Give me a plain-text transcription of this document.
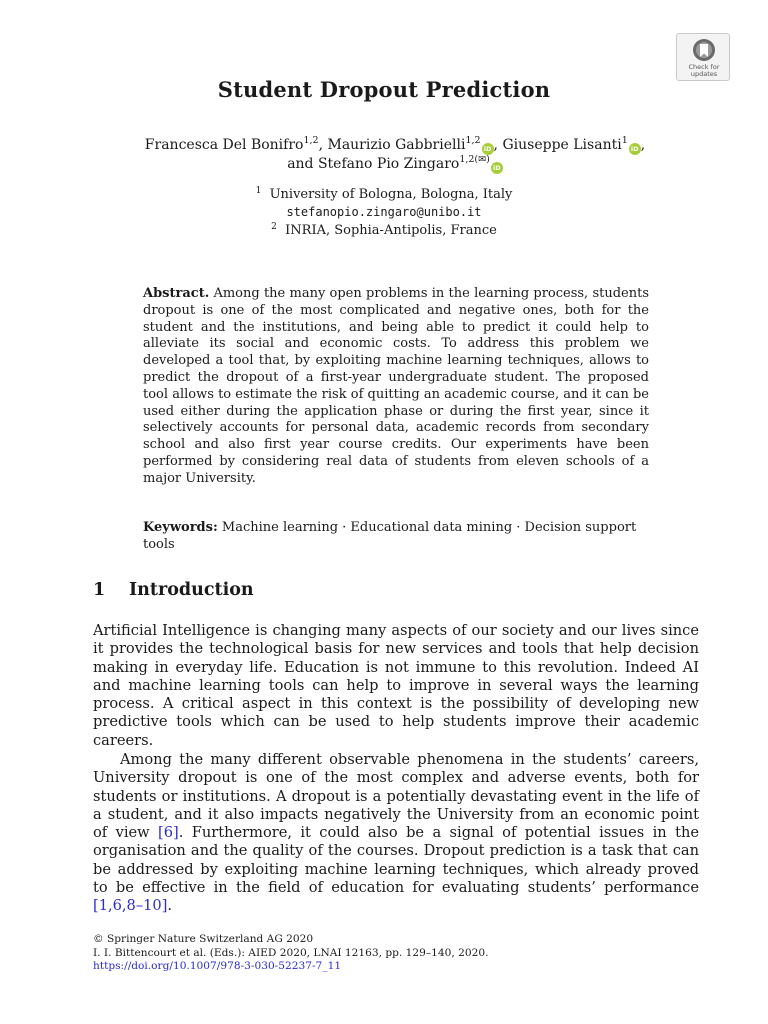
Check for
updates
Student Dropout Prediction
Francesca Del Bonifro$^{1,2}$, Maurizio Gabbrielli$^{1,2}$iD , Giuseppe Lisanti$^1$iD ,
and Stefano Pio Zingaro$^{1,2(✉)}$iD
$^1$ University of Bologna, Bologna, Italy
stefanopio.zingaro@unibo.it
$^2$ INRIA, Sophia-Antipolis, France

Abstract. Among the many open problems in the learning process, students dropout is one of the most complicated and negative ones, both for the student and the institutions, and being able to predict it could help to alleviate its social and economic costs. To address this problem we developed a tool that, by exploiting machine learning techniques, allows to predict the dropout of a first-year undergraduate student. The proposed tool allows to estimate the risk of quitting an academic course, and it can be used either during the application phase or during the first year, since it selectively accounts for personal data, academic records from secondary school and also first year course credits. Our experiments have been performed by considering real data of students from eleven schools of a major University.

Keywords: Machine learning · Educational data mining · Decision support tools

1 Introduction

Artificial Intelligence is changing many aspects of our society and our lives since it provides the technological basis for new services and tools that help decision making in everyday life. Education is not immune to this revolution. Indeed AI and machine learning tools can help to improve in several ways the learning process. A critical aspect in this context is the possibility of developing new predictive tools which can be used to help students improve their academic careers.

Among the many different observable phenomena in the students’ careers, University dropout is one of the most complex and adverse events, both for students or institutions. A dropout is a potentially devastating event in the life of a student, and it also impacts negatively the University from an economic point of view [6]. Furthermore, it could also be a signal of potential issues in the organisation and the quality of the courses. Dropout prediction is a task that can be addressed by exploiting machine learning techniques, which already proved to be effective in the field of education for evaluating students’ performance [1,6,8–10].

© Springer Nature Switzerland AG 2020
I. I. Bittencourt et al. (Eds.): AIED 2020, LNAI 12163, pp. 129–140, 2020.
https://doi.org/10.1007/978-3-030-52237-7_11
